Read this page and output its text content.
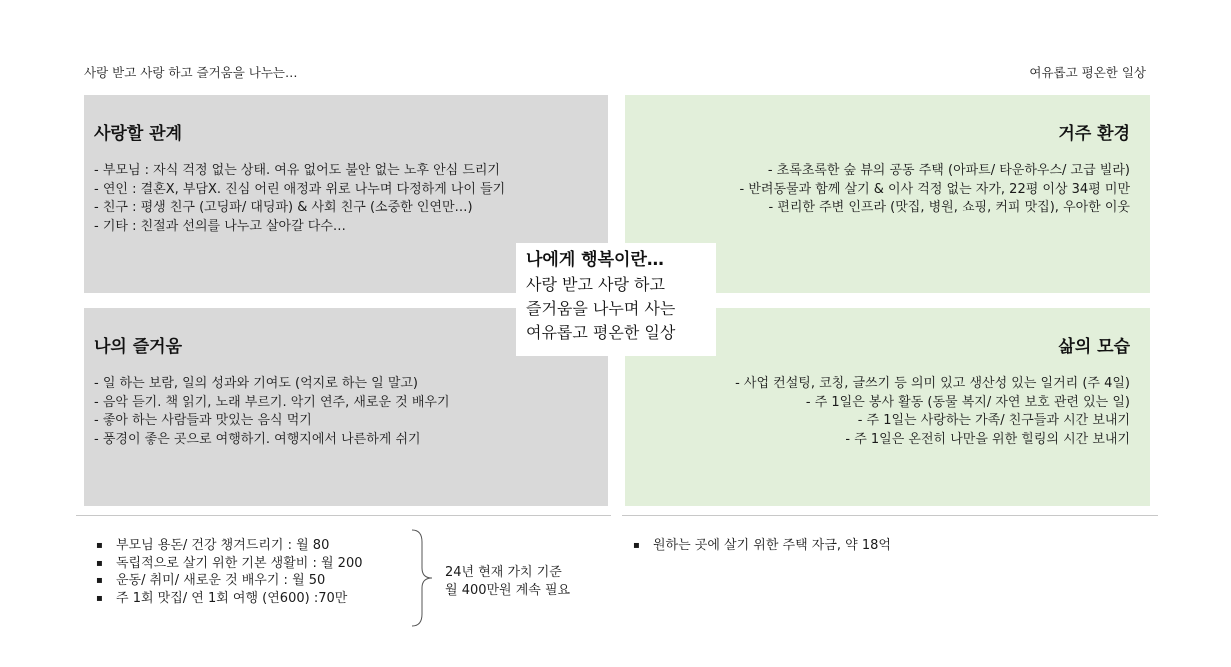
사랑 받고 사랑 하고 즐거움을 나누는…	여유롭고 평온한 일상
사랑할 관계
- 부모님 : 자식 걱정 없는 상태. 여유 없어도 불안 없는 노후 안심 드리기
- 연인 : 결혼X, 부담X. 진심 어린 애정과 위로 나누며 다정하게 나이 들기
- 친구 : 평생 친구 (고딩파/ 대딩파) & 사회 친구 (소중한 인연만…)
- 기타 : 친절과 선의를 나누고 살아갈 다수…
거주 환경
- 초록초록한 숲 뷰의 공동 주택 (아파트/ 타운하우스/ 고급 빌라)
- 반려동물과 함께 살기 & 이사 걱정 없는 자가, 22평 이상 34평 미만
- 편리한 주변 인프라 (맛집, 병원, 쇼핑, 커피 맛집), 우아한 이웃
나의 즐거움
- 일 하는 보람, 일의 성과와 기여도 (억지로 하는 일 말고)
- 음악 듣기. 책 읽기, 노래 부르기. 악기 연주, 새로운 것 배우기
- 좋아 하는 사람들과 맛있는 음식 먹기
- 풍경이 좋은 곳으로 여행하기. 여행지에서 나른하게 쉬기
삶의 모습
- 사업 컨설팅, 코칭, 글쓰기 등 의미 있고 생산성 있는 일거리 (주 4일)
- 주 1일은 봉사 활동 (동물 복지/ 자연 보호 관련 있는 일)
- 주 1일는 사랑하는 가족/ 친구들과 시간 보내기
- 주 1일은 온전히 나만을 위한 힐링의 시간 보내기
나에게 행복이란…
사랑 받고 사랑 하고
즐거움을 나누며 사는
여유롭고 평온한 일상
▪ 부모님 용돈/ 건강 챙겨드리기 : 월 80
▪ 독립적으로 살기 위한 기본 생활비 : 월 200
▪ 운동/ 취미/ 새로운 것 배우기 : 월 50
▪ 주 1회 맛집/ 연 1회 여행 (연600) :70만
24년 현재 가치 기준
월 400만원 계속 필요
▪ 원하는 곳에 살기 위한 주택 자금, 약 18억
